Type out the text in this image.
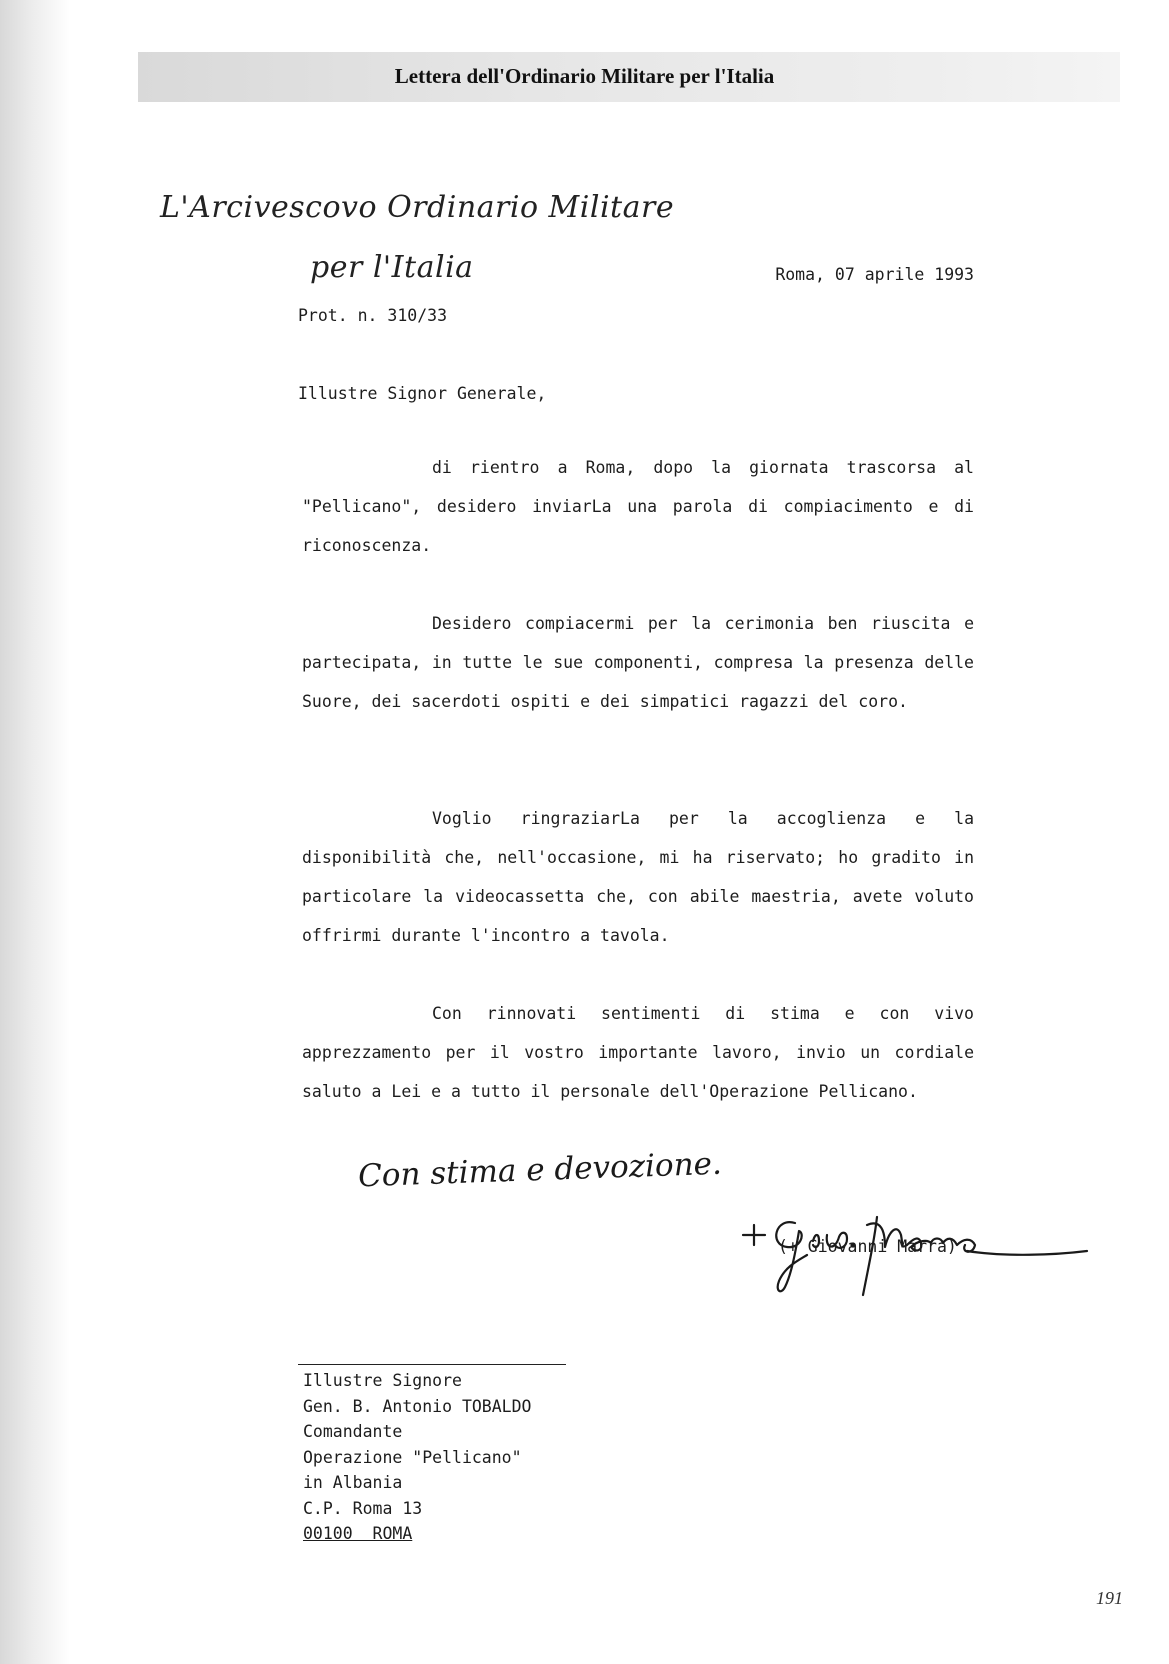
Lettera dell'Ordinario Militare per l'Italia
L'Arcivescovo Ordinario Militare
per l'Italia	Roma, 07 aprile 1993
Prot. n. 310/33
Illustre Signor Generale,

di rientro a Roma, dopo la giornata trascorsa al "Pellicano", desidero inviarLa una parola di compiacimento e di riconoscenza.

Desidero compiacermi per la cerimonia ben riuscita e partecipata, in tutte le sue componenti, compresa la presenza delle Suore, dei sacerdoti ospiti e dei simpatici ragazzi del coro.

Voglio ringraziarLa per la accoglienza e la disponibilità che, nell'occasione, mi ha riservato; ho gradito in particolare la videocassetta che, con abile maestria, avete voluto offrirmi durante l'incontro a tavola.

Con rinnovati sentimenti di stima e con vivo apprezzamento per il vostro importante lavoro, invio un cordiale saluto a Lei e a tutto il personale dell'Operazione Pellicano.

Con stima e devozione.
(+ Giovanni Marra)
Illustre Signore
Gen. B. Antonio TOBALDO
Comandante
Operazione "Pellicano"
in Albania
C.P. Roma 13
00100  ROMA
191
